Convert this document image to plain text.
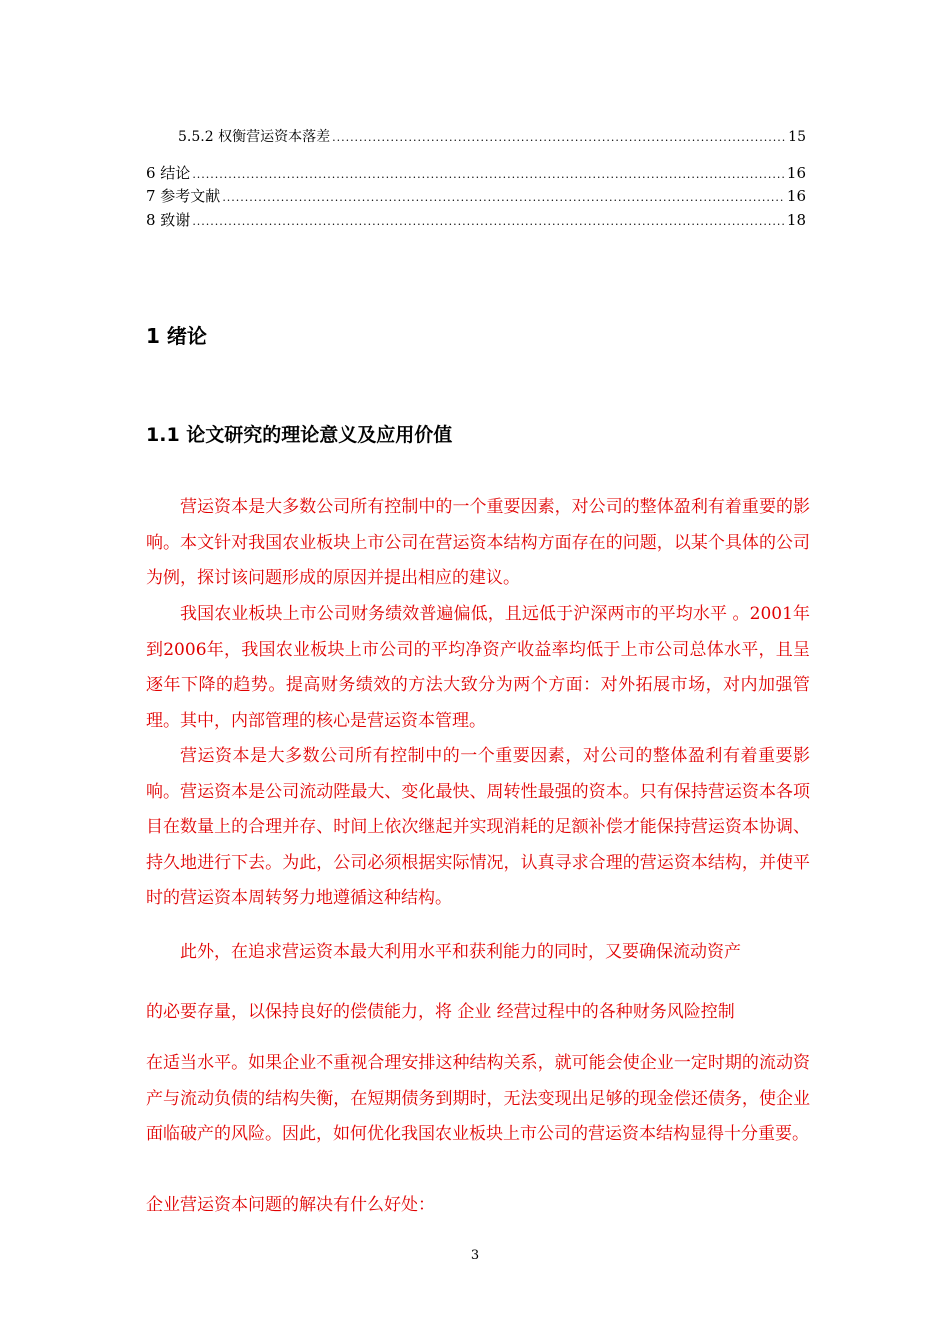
5.5.2 权衡营运资本落差 .....	15
6 结论 .....	16
7 参考文献 .....	16
8 致谢 .....	18
1 绪论
1.1 论文研究的理论意义及应用价值

营运资本是大多数公司所有控制中的一个重要因素，对公司的整体盈利有着重要的影响。本文针对我国农业板块上市公司在营运资本结构方面存在的问题，以某个具体的公司为例，探讨该问题形成的原因并提出相应的建议。

我国农业板块上市公司财务绩效普遍偏低，且远低于沪深两市的平均水平 。2001年到2006年，我国农业板块上市公司的平均净资产收益率均低于上市公司总体水平，且呈逐年下降的趋势。提高财务绩效的方法大致分为两个方面：对外拓展市场，对内加强管理。其中，内部管理的核心是营运资本管理。

营运资本是大多数公司所有控制中的一个重要因素，对公司的整体盈利有着重要影响。营运资本是公司流动陛最大、变化最快、周转性最强的资本。只有保持营运资本各项目在数量上的合理并存、时间上依次继起并实现消耗的足额补偿才能保持营运资本协调、持久地进行下去。为此，公司必须根据实际情况，认真寻求合理的营运资本结构，并使平时的营运资本周转努力地遵循这种结构。

此外，在追求营运资本最大利用水平和获利能力的同时，又要确保流动资产

的必要存量，以保持良好的偿债能力，将 企业 经营过程中的各种财务风险控制

在适当水平。如果企业不重视合理安排这种结构关系，就可能会使企业一定时期的流动资产与流动负债的结构失衡，在短期债务到期时，无法变现出足够的现金偿还债务，使企业面临破产的风险。因此，如何优化我国农业板块上市公司的营运资本结构显得十分重要。

企业营运资本问题的解决有什么好处：

3
